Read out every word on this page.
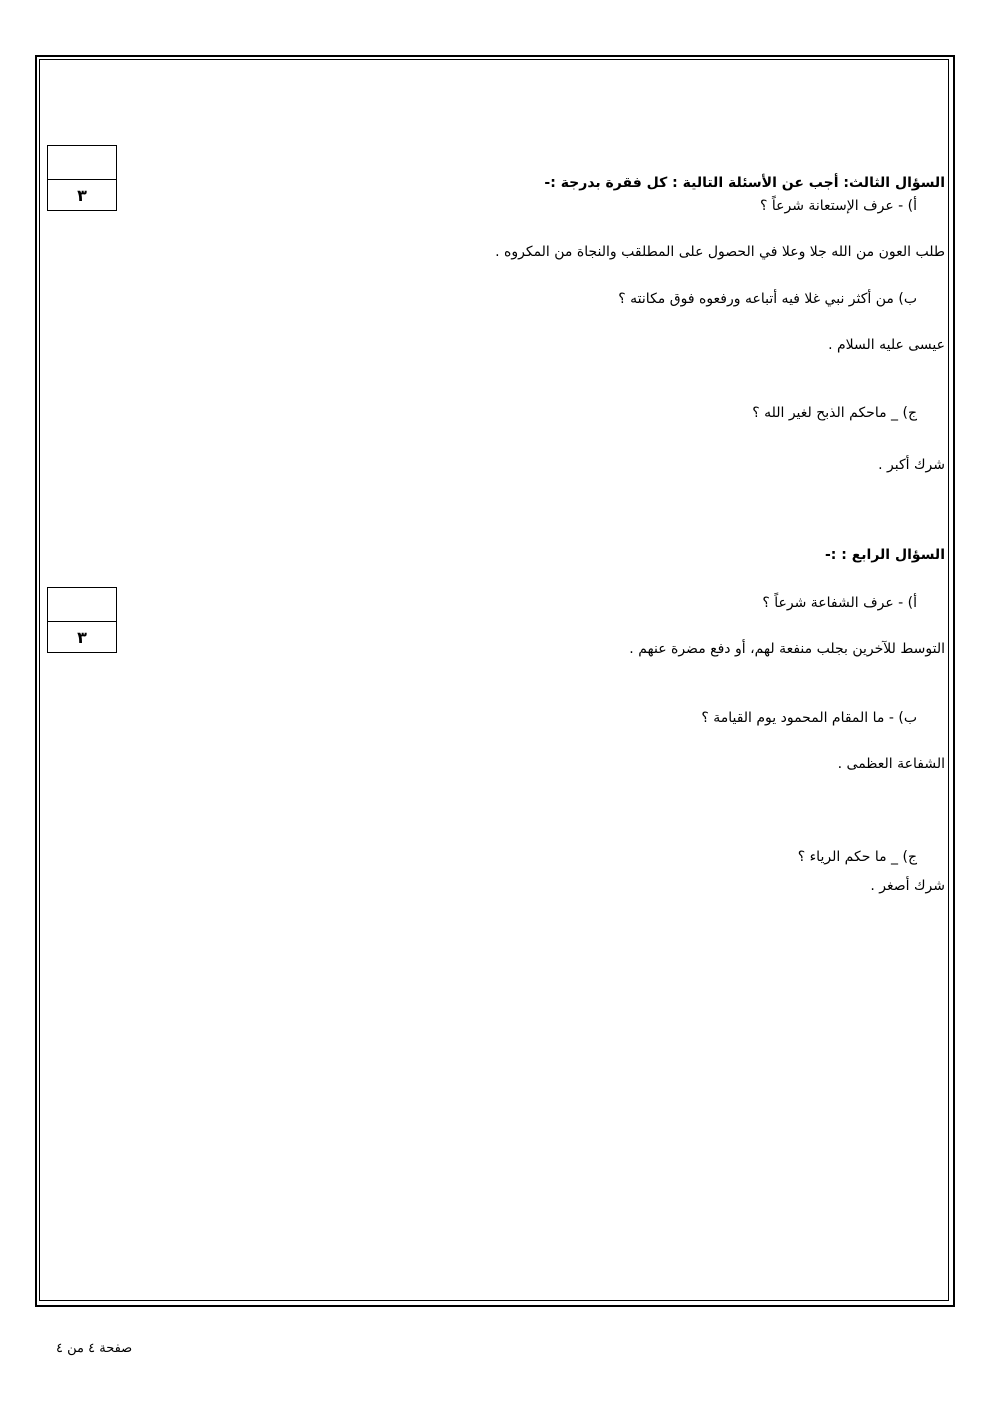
٣
السؤال الثالث: أجب عن الأسئلة التالية : كل فقرة بدرجة :-
أ) - عرف الإستعانة شرعاً ؟
طلب العون من الله جلا وعلا في الحصول على المطلقب والنجاة من المكروه .
ب) من أكثر نبي غلا فيه أتباعه ورفعوه فوق مكانته ؟
عيسى عليه السلام .
ج) _ ماحكم الذبح لغير الله ؟
شرك أكبر .
٣
السؤال الرابع : :-
أ) - عرف الشفاعة شرعاً ؟
التوسط للآخرين بجلب منفعة لهم، أو دفع مضرة عنهم .
ب) - ما المقام المحمود يوم القيامة ؟
الشفاعة العظمى .
ج) _ ما حكم الرياء ؟
شرك أصغر .
صفحة ٤ من ٤
